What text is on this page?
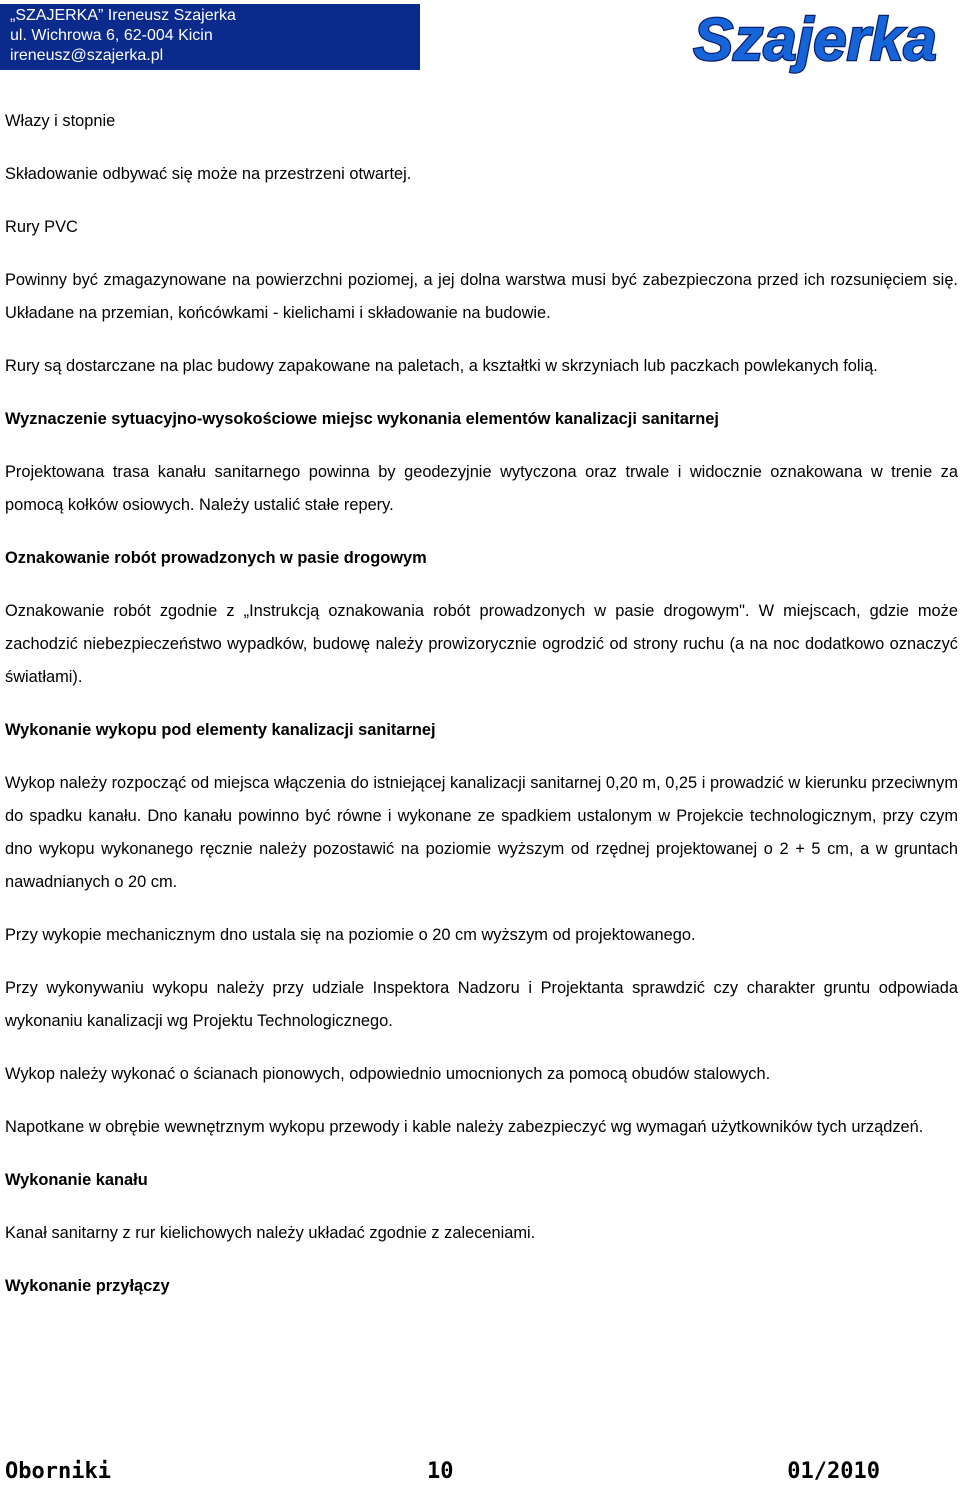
„SZAJERKA” Ireneusz Szajerka
ul. Wichrowa 6, 62-004 Kicin
ireneusz@szajerka.pl	Szajerka

Włazy i stopnie

Składowanie odbywać się może na przestrzeni otwartej.

Rury PVC

Powinny być zmagazynowane na powierzchni poziomej, a jej dolna warstwa musi być zabezpieczona przed ich rozsunięciem się. Układane na przemian, końcówkami - kielichami i składowanie na budowie.

Rury są dostarczane na plac budowy zapakowane na paletach, a kształtki w skrzyniach lub paczkach powlekanych folią.

Wyznaczenie sytuacyjno-wysokościowe miejsc wykonania elementów kanalizacji sanitarnej

Projektowana trasa kanału sanitarnego powinna by geodezyjnie wytyczona oraz trwale i widocznie oznakowana w trenie za pomocą kołków osiowych. Należy ustalić stałe repery.

Oznakowanie robót prowadzonych w pasie drogowym

Oznakowanie robót zgodnie z „Instrukcją oznakowania robót prowadzonych w pasie drogowym". W miejscach, gdzie może zachodzić niebezpieczeństwo wypadków, budowę należy prowizorycznie ogrodzić od strony ruchu (a na noc dodatkowo oznaczyć światłami).

Wykonanie wykopu pod elementy kanalizacji sanitarnej

Wykop należy rozpocząć od miejsca włączenia do istniejącej kanalizacji sanitarnej 0,20 m, 0,25 i prowadzić w kierunku przeciwnym do spadku kanału. Dno kanału powinno być równe i wykonane ze spadkiem ustalonym w Projekcie technologicznym, przy czym dno wykopu wykonanego ręcznie należy pozostawić na poziomie wyższym od rzędnej projektowanej o 2 + 5 cm, a w gruntach nawadnianych o 20 cm.

Przy wykopie mechanicznym dno ustala się na poziomie o 20 cm wyższym od projektowanego.

Przy wykonywaniu wykopu należy przy udziale Inspektora Nadzoru i Projektanta sprawdzić czy charakter gruntu odpowiada wykonaniu kanalizacji wg Projektu Technologicznego.

Wykop należy wykonać o ścianach pionowych, odpowiednio umocnionych za pomocą obudów stalowych.

Napotkane w obrębie wewnętrznym wykopu przewody i kable należy zabezpieczyć wg wymagań użytkowników tych urządzeń.

Wykonanie kanału

Kanał sanitarny z rur kielichowych należy układać zgodnie z zaleceniami.

Wykonanie przyłączy
Oborniki	10	01/2010
